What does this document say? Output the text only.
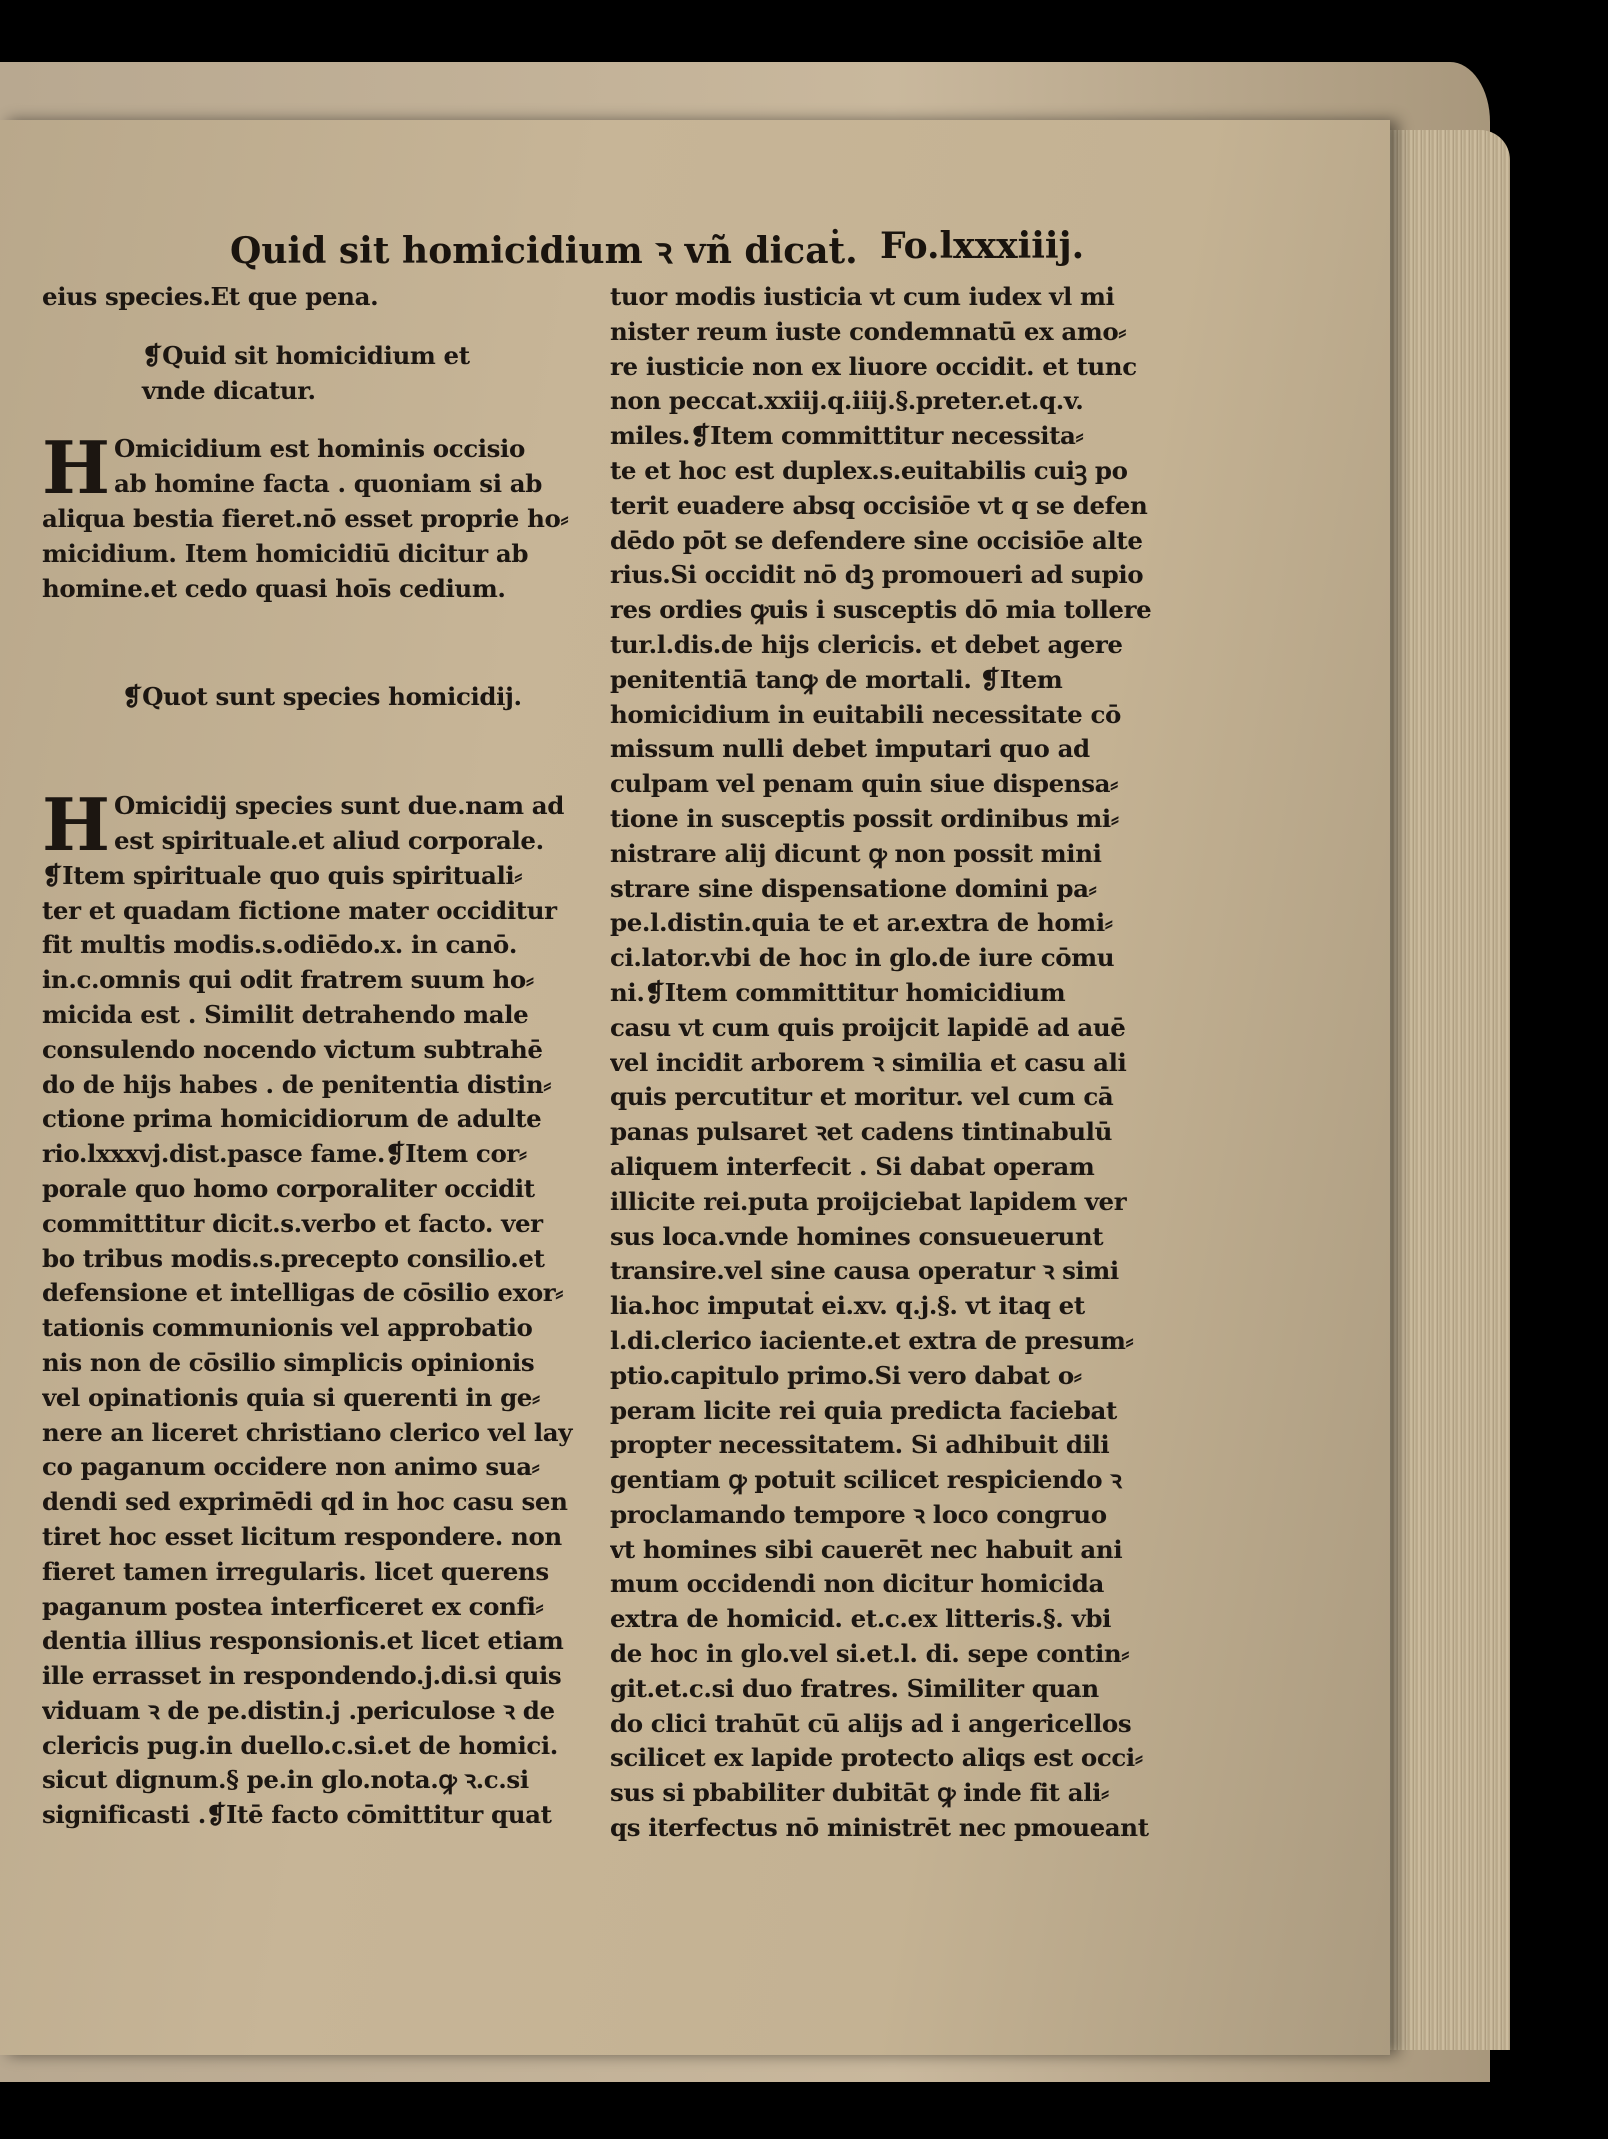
Quid sit homicidium ꝛ vñ dicaṫ. Fo.lxxxiiij.
eius species.Et que pena.
❡Quid sit homicidium et
vnde dicatur.
H Omicidium est hominis occisio
ab homine facta . quoniam si ab
aliqua bestia fieret.nō esset proprie ho⸗
micidium. Item homicidiū dicitur ab
homine.et cedo quasi hoīs cedium.
❡Quot sunt species homicidij.
H Omicidij species sunt due.nam ad
est spirituale.et aliud corporale.
❡Item spirituale quo quis spirituali⸗
ter et quadam fictione mater occiditur
fit multis modis.s.odiēdo.x. in canō.
in.c.omnis qui odit fratrem suum ho⸗
micida est . Similit detrahendo male
consulendo nocendo victum subtrahē
do de hijs habes . de penitentia distin⸗
ctione prima homicidiorum de adulte
rio.lxxxvj.dist.pasce fame.❡Item cor⸗
porale quo homo corporaliter occidit
committitur dicit.s.verbo et facto. ver
bo tribus modis.s.precepto consilio.et
defensione et intelligas de cōsilio exor⸗
tationis communionis vel approbatio
nis non de cōsilio simplicis opinionis
vel opinationis quia si querenti in ge⸗
nere an liceret christiano clerico vel lay
co paganum occidere non animo sua⸗
dendi sed exprimēdi qd in hoc casu sen
tiret hoc esset licitum respondere. non
fieret tamen irregularis. licet querens
paganum postea interficeret ex confi⸗
dentia illius responsionis.et licet etiam
ille errasset in respondendo.j.di.si quis
viduam ꝛ de pe.distin.j .periculose ꝛ de
clericis pug.in duello.c.si.et de homici.
sicut dignum.§ pe.in glo.nota.ꝙ ꝛ.c.si
significasti .❡Itē facto cōmittitur quat
tuor modis iusticia vt cum iudex vl mi
nister reum iuste condemnatū ex amo⸗
re iusticie non ex liuore occidit. et tunc
non peccat.xxiij.q.iiij.§.preter.et.q.v.
miles.❡Item committitur necessita⸗
te et hoc est duplex.s.euitabilis cuiꝫ po
terit euadere absq occisiōe vt q se defen
dēdo pōt se defendere sine occisiōe alte
rius.Si occidit nō dꝫ promoueri ad supio
res ordies ꝙuis i susceptis dō mia tollere
tur.l.dis.de hijs clericis. et debet agere
penitentiā tanꝙ de mortali. ❡Item
homicidium in euitabili necessitate cō
missum nulli debet imputari quo ad
culpam vel penam quin siue dispensa⸗
tione in susceptis possit ordinibus mi⸗
nistrare alij dicunt ꝙ non possit mini
strare sine dispensatione domini pa⸗
pe.l.distin.quia te et ar.extra de homi⸗
ci.lator.vbi de hoc in glo.de iure cōmu
ni.❡Item committitur homicidium
casu vt cum quis proijcit lapidē ad auē
vel incidit arborem ꝛ similia et casu ali
quis percutitur et moritur. vel cum cā
panas pulsaret ꝛet cadens tintinabulū
aliquem interfecit . Si dabat operam
illicite rei.puta proijciebat lapidem ver
sus loca.vnde homines consueuerunt
transire.vel sine causa operatur ꝛ simi
lia.hoc imputaṫ ei.xv. q.j.§. vt itaq et
l.di.clerico iaciente.et extra de presum⸗
ptio.capitulo primo.Si vero dabat o⸗
peram licite rei quia predicta faciebat
propter necessitatem. Si adhibuit dili
gentiam ꝙ potuit scilicet respiciendo ꝛ
proclamando tempore ꝛ loco congruo
vt homines sibi cauerēt nec habuit ani
mum occidendi non dicitur homicida
extra de homicid. et.c.ex litteris.§. vbi
de hoc in glo.vel si.et.l. di. sepe contin⸗
git.et.c.si duo fratres. Similiter quan
do clici trahūt cū alijs ad i angericellos
scilicet ex lapide protecto aliqs est occi⸗
sus si pbabiliter dubitāt ꝙ inde fit ali⸗
qs iterfectus nō ministrēt nec pmoueant
